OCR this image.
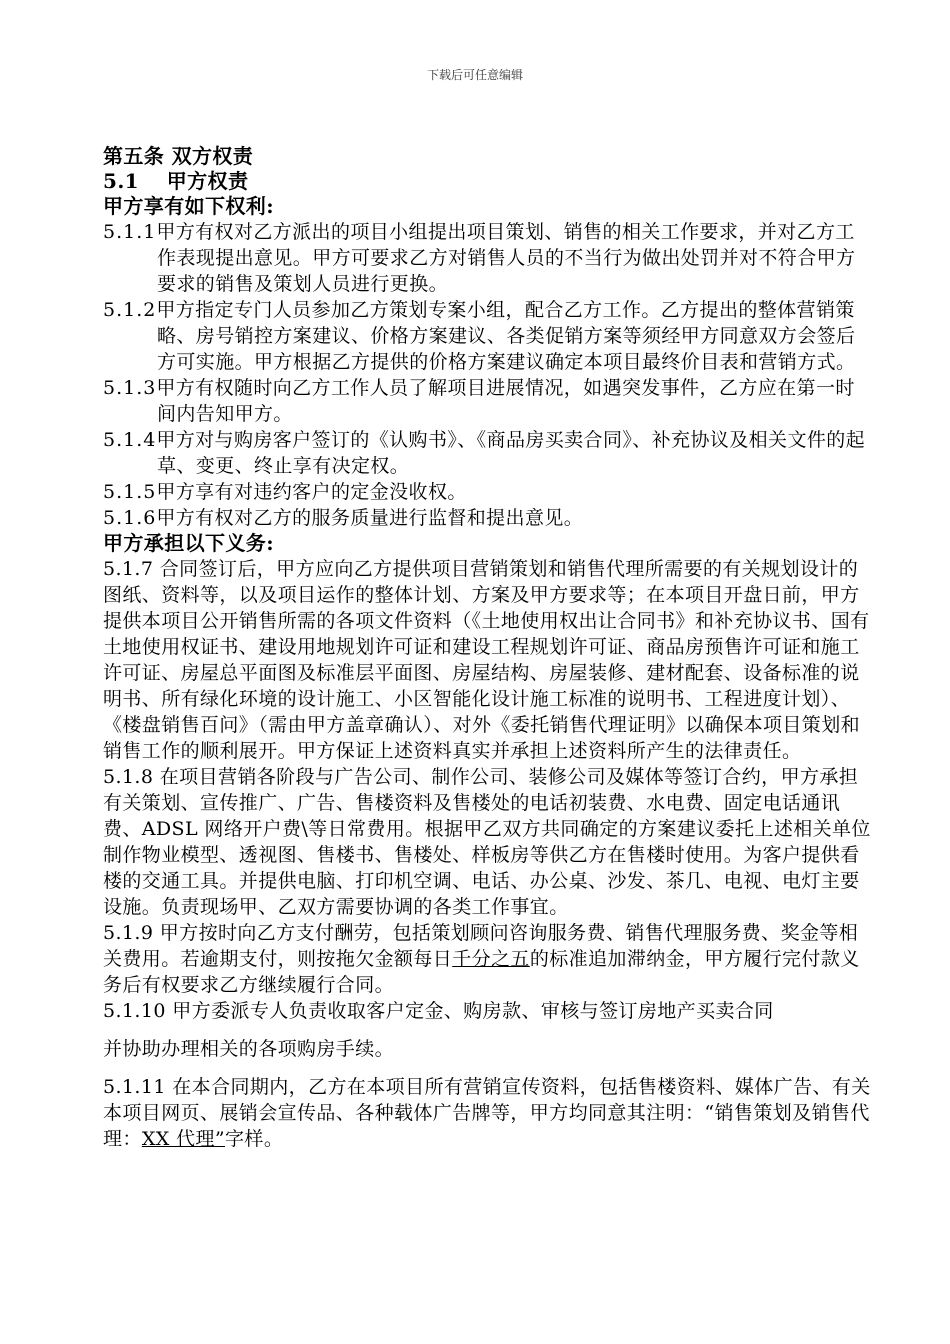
下载后可任意编辑
第五条 双方权责
5.1　 甲方权责
甲方享有如下权利:
5.1.1甲方有权对乙方派出的项目小组提出项目策划、销售的相关工作要求，并对乙方工作表现提出意见。甲方可要求乙方对销售人员的不当行为做出处罚并对不符合甲方要求的销售及策划人员进行更换。
5.1.2甲方指定专门人员参加乙方策划专案小组，配合乙方工作。乙方提出的整体营销策略、房号销控方案建议、价格方案建议、各类促销方案等须经甲方同意双方会签后方可实施。甲方根据乙方提供的价格方案建议确定本项目最终价目表和营销方式。
5.1.3甲方有权随时向乙方工作人员了解项目进展情况，如遇突发事件，乙方应在第一时间内告知甲方。
5.1.4甲方对与购房客户签订的《认购书》、《商品房买卖合同》、补充协议及相关文件的起草、变更、终止享有决定权。
5.1.5甲方享有对违约客户的定金没收权。
5.1.6甲方有权对乙方的服务质量进行监督和提出意见。
甲方承担以下义务:
5.1.7 合同签订后，甲方应向乙方提供项目营销策划和销售代理所需要的有关规划设计的图纸、资料等，以及项目运作的整体计划、方案及甲方要求等；在本项目开盘日前，甲方提供本项目公开销售所需的各项文件资料（《土地使用权出让合同书》和补充协议书、国有土地使用权证书、建设用地规划许可证和建设工程规划许可证、商品房预售许可证和施工许可证、房屋总平面图及标准层平面图、房屋结构、房屋装修、建材配套、设备标准的说明书、所有绿化环境的设计施工、小区智能化设计施工标准的说明书、工程进度计划）、《楼盘销售百问》（需由甲方盖章确认）、对外《委托销售代理证明》以确保本项目策划和销售工作的顺利展开。甲方保证上述资料真实并承担上述资料所产生的法律责任。
5.1.8 在项目营销各阶段与广告公司、制作公司、装修公司及媒体等签订合约，甲方承担有关策划、宣传推广、广告、售楼资料及售楼处的电话初装费、水电费、固定电话通讯费、ADSL 网络开户费\等日常费用。根据甲乙双方共同确定的方案建议委托上述相关单位制作物业模型、透视图、售楼书、售楼处、样板房等供乙方在售楼时使用。为客户提供看楼的交通工具。并提供电脑、打印机空调、电话、办公桌、沙发、茶几、电视、电灯主要设施。负责现场甲、乙双方需要协调的各类工作事宜。
5.1.9 甲方按时向乙方支付酬劳，包括策划顾问咨询服务费、销售代理服务费、奖金等相关费用。若逾期支付，则按拖欠金额每日千分之五的标准追加滞纳金，甲方履行完付款义务后有权要求乙方继续履行合同。
5.1.10 甲方委派专人负责收取客户定金、购房款、审核与签订房地产买卖合同
并协助办理相关的各项购房手续。
5.1.11 在本合同期内，乙方在本项目所有营销宣传资料，包括售楼资料、媒体广告、有关本项目网页、展销会宣传品、各种载体广告牌等，甲方均同意其注明：“销售策划及销售代理：XX 代理”字样。
